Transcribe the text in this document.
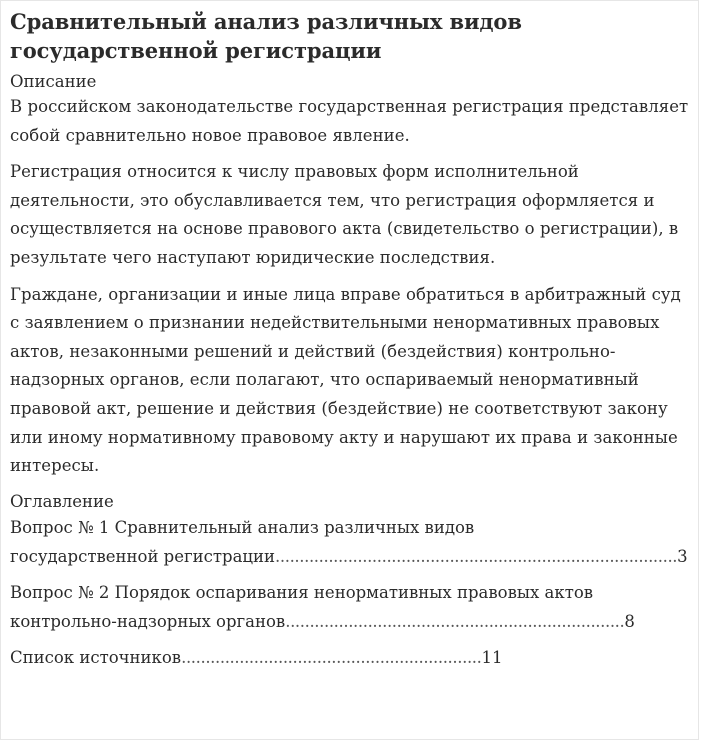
Сравнительный анализ различных видов государственной регистрации
Описание

В российском законодательстве государственная регистрация представляет собой сравнительно новое правовое явление.

Регистрация относится к числу правовых форм исполнительной деятельности, это обуславливается тем, что регистрация оформляется и осуществляется на основе правового акта (свидетельство о регистрации), в результате чего наступают юридические последствия.

Граждане, организации и иные лица вправе обратиться в арбитражный суд с заявлением о признании недействительными ненормативных правовых актов, незаконными решений и действий (бездействия) контрольно-надзорных органов, если полагают, что оспариваемый ненормативный правовой акт, решение и действия (бездействие) не соответствуют закону или иному нормативному правовому акту и нарушают их права и законные интересы.

Оглавление
Вопрос № 1 Сравнительный анализ различных видов
государственной регистрации...................................................................................3
Вопрос № 2 Порядок оспаривания ненормативных правовых актов
контрольно-надзорных органов......................................................................8
Список источников..............................................................11
